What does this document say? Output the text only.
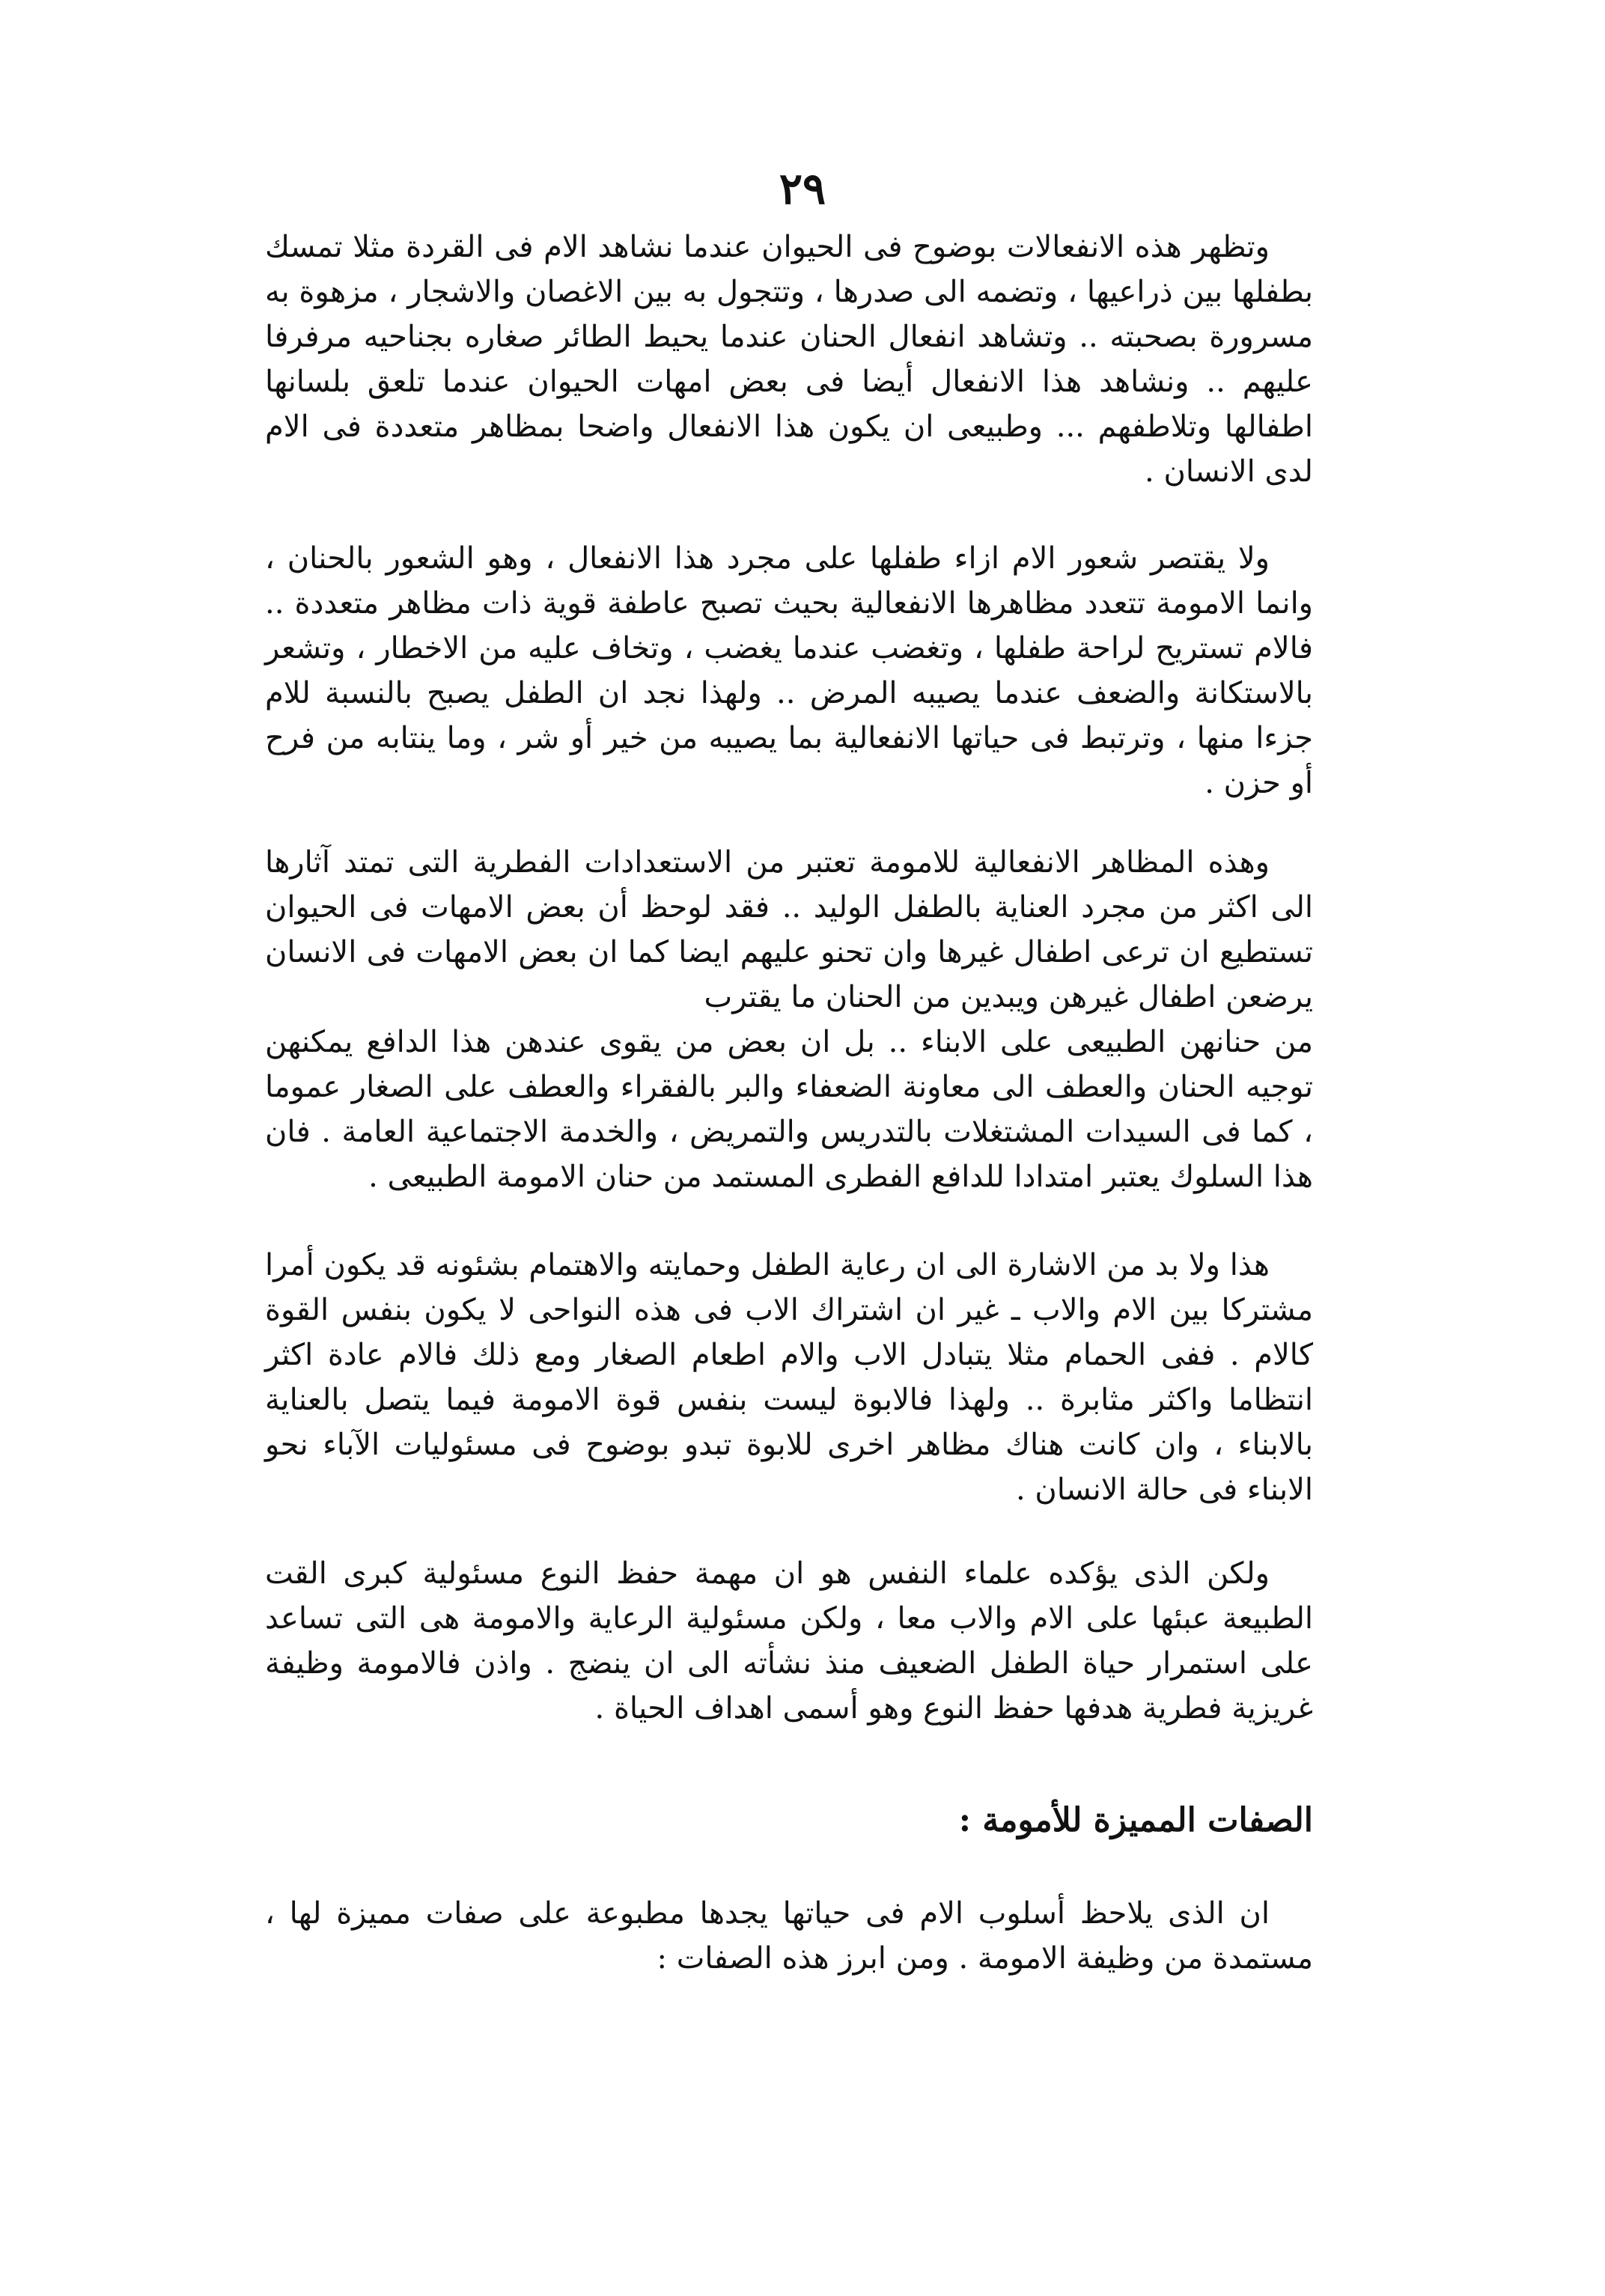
٢٩

وتظهر هذه الانفعالات بوضوح فى الحيوان عندما نشاهد الام فى القردة مثلا تمسك بطفلها بين ذراعيها ، وتضمه الى صدرها ، وتتجول به بين الاغصان والاشجار ، مزهوة به مسرورة بصحبته .. وتشاهد انفعال الحنان عندما يحيط الطائر صغاره بجناحيه مرفرفا عليهم .. ونشاهد هذا الانفعال أيضا فى بعض امهات الحيوان عندما تلعق بلسانها اطفالها وتلاطفهم ... وطبيعى ان يكون هذا الانفعال واضحا بمظاهر متعددة فى الام لدى الانسان .

ولا يقتصر شعور الام ازاء طفلها على مجرد هذا الانفعال ، وهو الشعور بالحنان ، وانما الامومة تتعدد مظاهرها الانفعالية بحيث تصبح عاطفة قوية ذات مظاهر متعددة .. فالام تستريح لراحة طفلها ، وتغضب عندما يغضب ، وتخاف عليه من الاخطار ، وتشعر بالاستكانة والضعف عندما يصيبه المرض .. ولهذا نجد ان الطفل يصبح بالنسبة للام جزءا منها ، وترتبط فى حياتها الانفعالية بما يصيبه من خير أو شر ، وما ينتابه من فرح أو حزن .

وهذه المظاهر الانفعالية للامومة تعتبر من الاستعدادات الفطرية التى تمتد آثارها الى اكثر من مجرد العناية بالطفل الوليد .. فقد لوحظ أن بعض الامهات فى الحيوان تستطيع ان ترعى اطفال غيرها وان تحنو عليهم ايضا كما ان بعض الامهات فى الانسان يرضعن اطفال غيرهن ويبدين من الحنان ما يقترب

من حنانهن الطبيعى على الابناء .. بل ان بعض من يقوى عندهن هذا الدافع يمكنهن توجيه الحنان والعطف الى معاونة الضعفاء والبر بالفقراء والعطف على الصغار عموما ، كما فى السيدات المشتغلات بالتدريس والتمريض ، والخدمة الاجتماعية العامة . فان هذا السلوك يعتبر امتدادا للدافع الفطرى المستمد من حنان الامومة الطبيعى .

هذا ولا بد من الاشارة الى ان رعاية الطفل وحمايته والاهتمام بشئونه قد يكون أمرا مشتركا بين الام والاب ـ غير ان اشتراك الاب فى هذه النواحى لا يكون بنفس القوة كالام . ففى الحمام مثلا يتبادل الاب والام اطعام الصغار ومع ذلك فالام عادة اكثر انتظاما واكثر مثابرة .. ولهذا فالابوة ليست بنفس قوة الامومة فيما يتصل بالعناية بالابناء ، وان كانت هناك مظاهر اخرى للابوة تبدو بوضوح فى مسئوليات الآباء نحو الابناء فى حالة الانسان .

ولكن الذى يؤكده علماء النفس هو ان مهمة حفظ النوع مسئولية كبرى القت الطبيعة عبئها على الام والاب معا ، ولكن مسئولية الرعاية والامومة هى التى تساعد على استمرار حياة الطفل الضعيف منذ نشأته الى ان ينضج . واذن فالامومة وظيفة غريزية فطرية هدفها حفظ النوع وهو أسمى اهداف الحياة .

الصفات المميزة للأمومة :

ان الذى يلاحظ أسلوب الام فى حياتها يجدها مطبوعة على صفات مميزة لها ، مستمدة من وظيفة الامومة . ومن ابرز هذه الصفات :
